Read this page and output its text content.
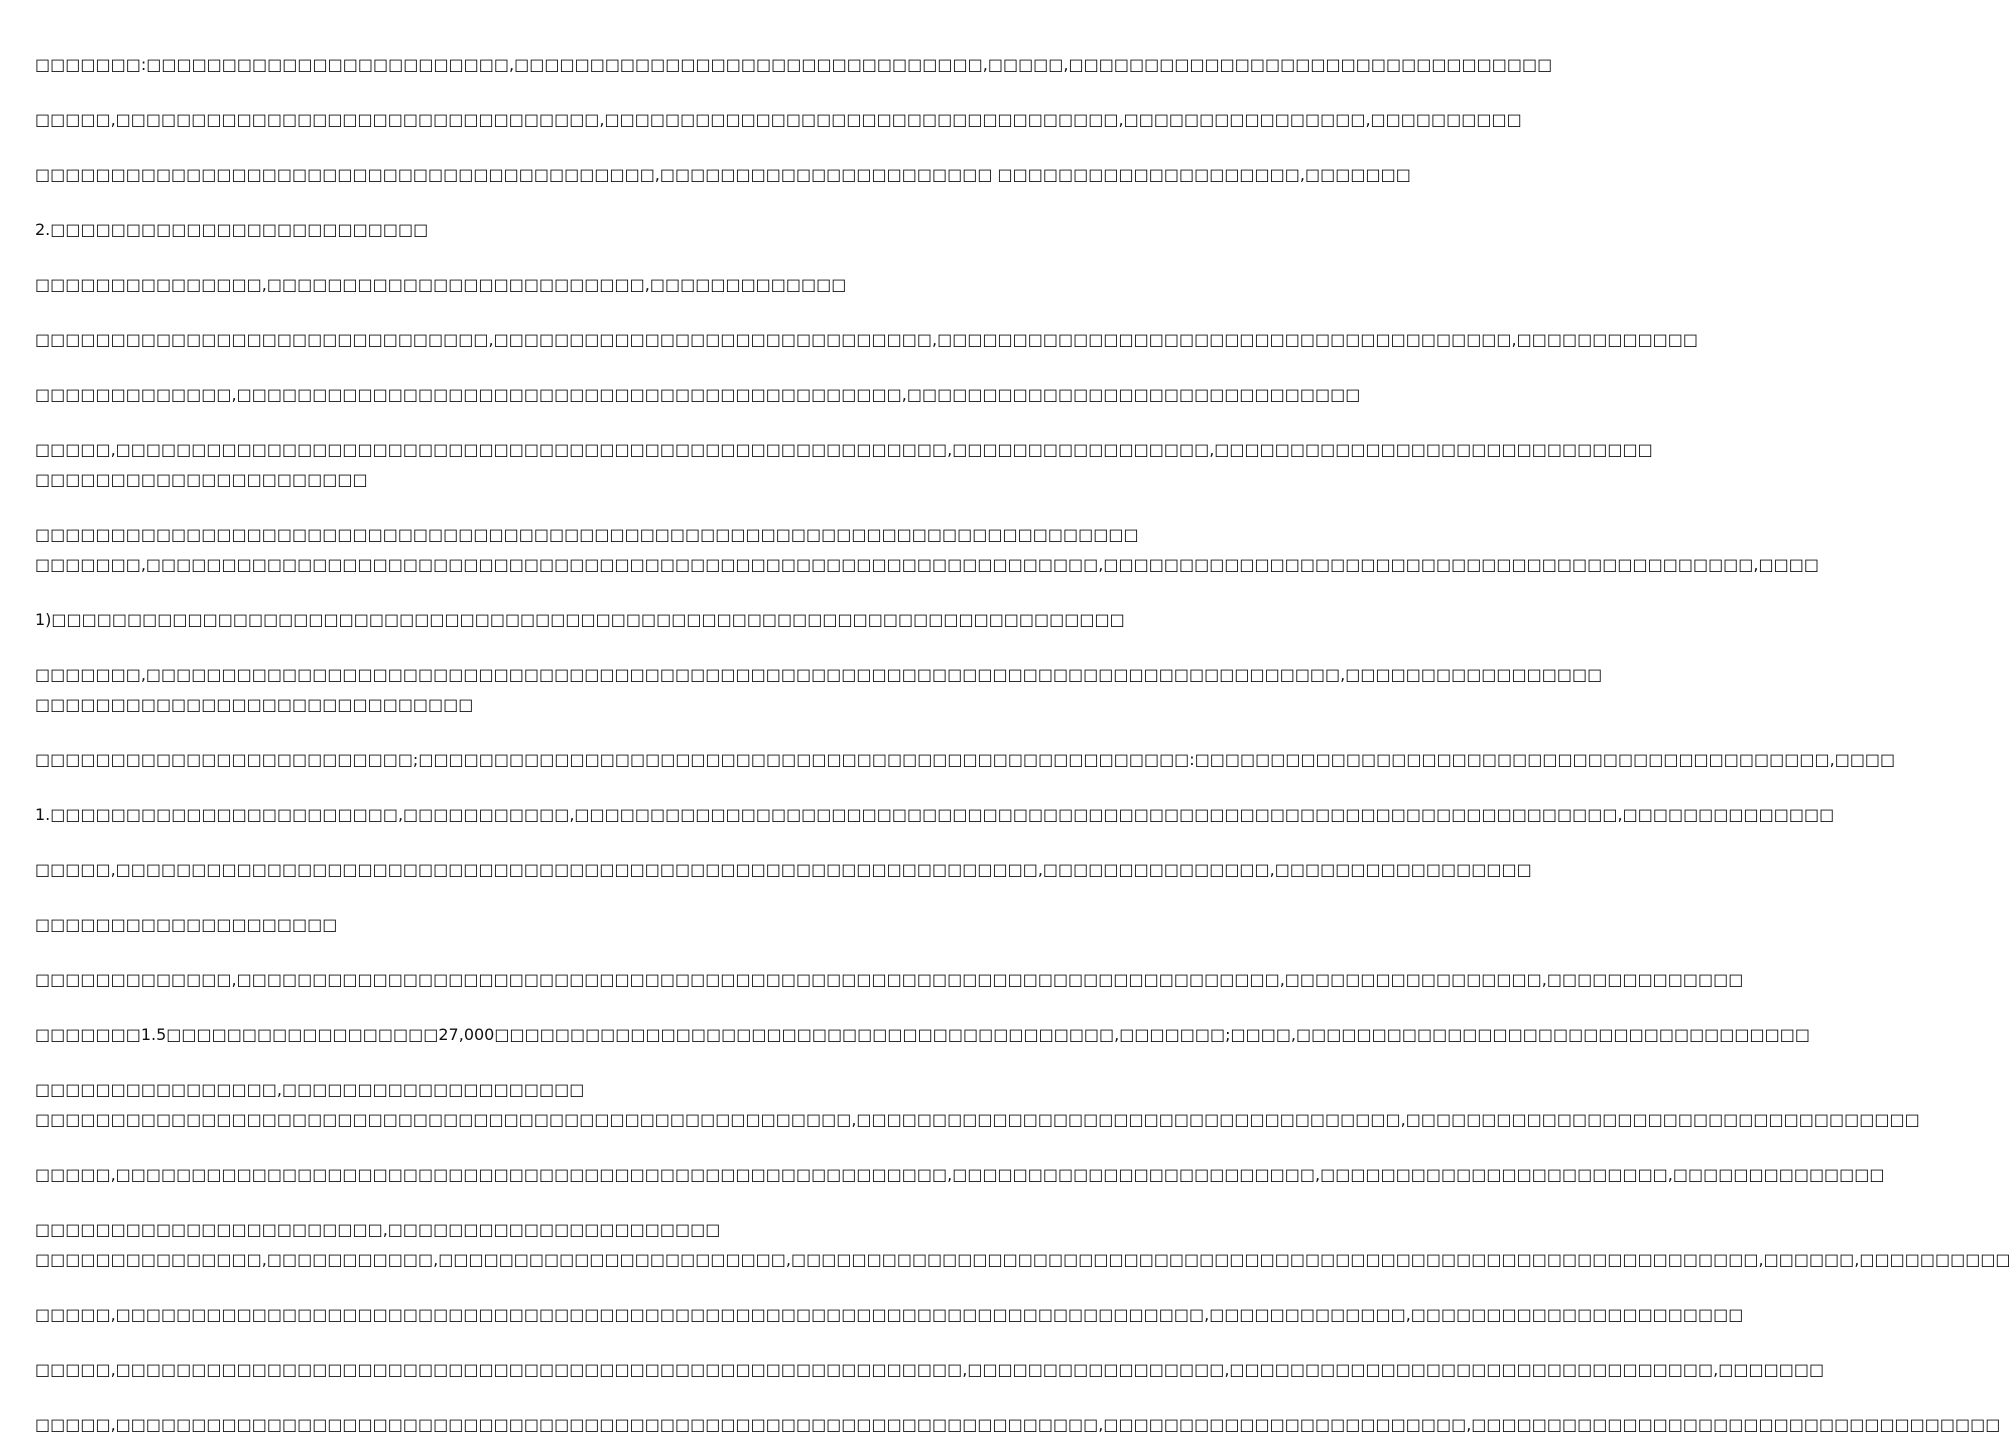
□□□□□□□:□□□□□□□□□□□□□□□□□□□□□□□□,□□□□□□□□□□□□□□□□□□□□□□□□□□□□□□□,□□□□□,□□□□□□□□□□□□□□□□□□□□□□□□□□□□□□□□
□□□□□,□□□□□□□□□□□□□□□□□□□□□□□□□□□□□□□□,□□□□□□□□□□□□□□□□□□□□□□□□□□□□□□□□□□,□□□□□□□□□□□□□□□□,□□□□□□□□□□
□□□□□□□□□□□□□□□□□□□□□□□□□□□□□□□□□□□□□□□□□,□□□□□□□□□□□□□□□□□□□□□□ □□□□□□□□□□□□□□□□□□□□,□□□□□□□
2.□□□□□□□□□□□□□□□□□□□□□□□□□
□□□□□□□□□□□□□□□,□□□□□□□□□□□□□□□□□□□□□□□□□,□□□□□□□□□□□□□
□□□□□□□□□□□□□□□□□□□□□□□□□□□□□□,□□□□□□□□□□□□□□□□□□□□□□□□□□□□□,□□□□□□□□□□□□□□□□□□□□□□□□□□□□□□□□□□□□□□,□□□□□□□□□□□□
□□□□□□□□□□□□□,□□□□□□□□□□□□□□□□□□□□□□□□□□□□□□□□□□□□□□□□□□□□,□□□□□□□□□□□□□□□□□□□□□□□□□□□□□□
□□□□□,□□□□□□□□□□□□□□□□□□□□□□□□□□□□□□□□□□□□□□□□□□□□□□□□□□□□□□□,□□□□□□□□□□□□□□□□□,□□□□□□□□□□□□□□□□□□□□□□□□□□□□□
□□□□□□□□□□□□□□□□□□□□□□
□□□□□□□□□□□□□□□□□□□□□□□□□□□□□□□□□□□□□□□□□□□□□□□□□□□□□□□□□□□□□□□□□□□□□□□□□
□□□□□□□,□□□□□□□□□□□□□□□□□□□□□□□□□□□□□□□□□□□□□□□□□□□□□□□□□□□□□□□□□□□□□□□,□□□□□□□□□□□□□□□□□□□□□□□□□□□□□□□□□□□□□□□□□□□,□□□□
1)□□□□□□□□□□□□□□□□□□□□□□□□□□□□□□□□□□□□□□□□□□□□□□□□□□□□□□□□□□□□□□□□□□□□□□□
□□□□□□□,□□□□□□□□□□□□□□□□□□□□□□□□□□□□□□□□□□□□□□□□□□□□□□□□□□□□□□□□□□□□□□□□□□□□□□□□□□□□□□□,□□□□□□□□□□□□□□□□□
□□□□□□□□□□□□□□□□□□□□□□□□□□□□□
□□□□□□□□□□□□□□□□□□□□□□□□□;□□□□□□□□□□□□□□□□□□□□□□□□□□□□□□□□□□□□□□□□□□□□□□□□□□□:□□□□□□□□□□□□□□□□□□□□□□□□□□□□□□□□□□□□□□□□□□,□□□□
1.□□□□□□□□□□□□□□□□□□□□□□□,□□□□□□□□□□□,□□□□□□□□□□□□□□□□□□□□□□□□□□□□□□□□□□□□□□□□□□□□□□□□□□□□□□□□□□□□□□□□□□□□□,□□□□□□□□□□□□□□
□□□□□,□□□□□□□□□□□□□□□□□□□□□□□□□□□□□□□□□□□□□□□□□□□□□□□□□□□□□□□□□□□□□,□□□□□□□□□□□□□□□,□□□□□□□□□□□□□□□□□
□□□□□□□□□□□□□□□□□□□□
□□□□□□□□□□□□□,□□□□□□□□□□□□□□□□□□□□□□□□□□□□□□□□□□□□□□□□□□□□□□□□□□□□□□□□□□□□□□□□□□□□□,□□□□□□□□□□□□□□□□□,□□□□□□□□□□□□□
□□□□□□□1.5□□□□□□□□□□□□□□□□□□27,000□□□□□□□□□□□□□□□□□□□□□□□□□□□□□□□□□□□□□□□□□,□□□□□□□;□□□□,□□□□□□□□□□□□□□□□□□□□□□□□□□□□□□□□□□
□□□□□□□□□□□□□□□□,□□□□□□□□□□□□□□□□□□□□
□□□□□□□□□□□□□□□□□□□□□□□□□□□□□□□□□□□□□□□□□□□□□□□□□□□□□□,□□□□□□□□□□□□□□□□□□□□□□□□□□□□□□□□□□□□,□□□□□□□□□□□□□□□□□□□□□□□□□□□□□□□□□□
□□□□□,□□□□□□□□□□□□□□□□□□□□□□□□□□□□□□□□□□□□□□□□□□□□□□□□□□□□□□□,□□□□□□□□□□□□□□□□□□□□□□□□,□□□□□□□□□□□□□□□□□□□□□□□,□□□□□□□□□□□□□□
□□□□□□□□□□□□□□□□□□□□□□□,□□□□□□□□□□□□□□□□□□□□□□
□□□□□□□□□□□□□□□,□□□□□□□□□□□,□□□□□□□□□□□□□□□□□□□□□□□,□□□□□□□□□□□□□□□□□□□□□□□□□□□□□□□□□□□□□□□□□□□□□□□□□□□□□□□□□□□□□□□□,□□□□□□,□□□□□□□□□□
□□□□□,□□□□□□□□□□□□□□□□□□□□□□□□□□□□□□□□□□□□□□□□□□□□□□□□□□□□□□□□□□□□□□□□□□□□□□□□,□□□□□□□□□□□□□,□□□□□□□□□□□□□□□□□□□□□□
□□□□□,□□□□□□□□□□□□□□□□□□□□□□□□□□□□□□□□□□□□□□□□□□□□□□□□□□□□□□□□,□□□□□□□□□□□□□□□□□,□□□□□□□□□□□□□□□□□□□□□□□□□□□□□□□□,□□□□□□□
□□□□□,□□□□□□□□□□□□□□□□□□□□□□□□□□□□□□□□□□□□□□□□□□□□□□□□□□□□□□□□□□□□□□□□□,□□□□□□□□□□□□□□□□□□□□□□□□,□□□□□□□□□□□□□□□□□□□□□□□□□□□□□□□□□□□
